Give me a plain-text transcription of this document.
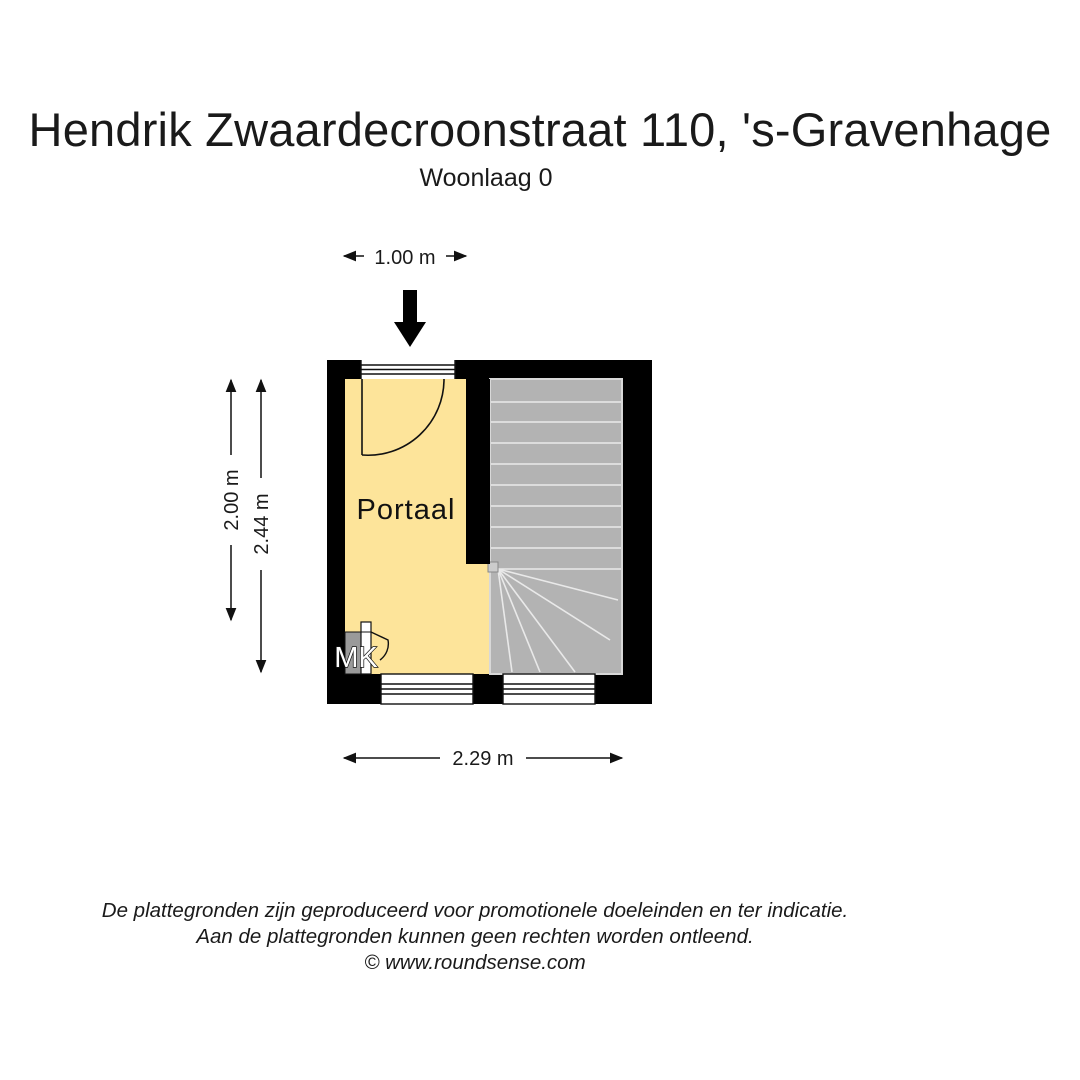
Hendrik Zwaardecroonstraat 110, 's-Gravenhage
Woonlaag 0
1.00 m
2.00 m 2.44 m
2.29 m
Portaal
MK
De plattegronden zijn geproduceerd voor promotionele doeleinden en ter indicatie.
Aan de plattegronden kunnen geen rechten worden ontleend.
© www.roundsense.com
